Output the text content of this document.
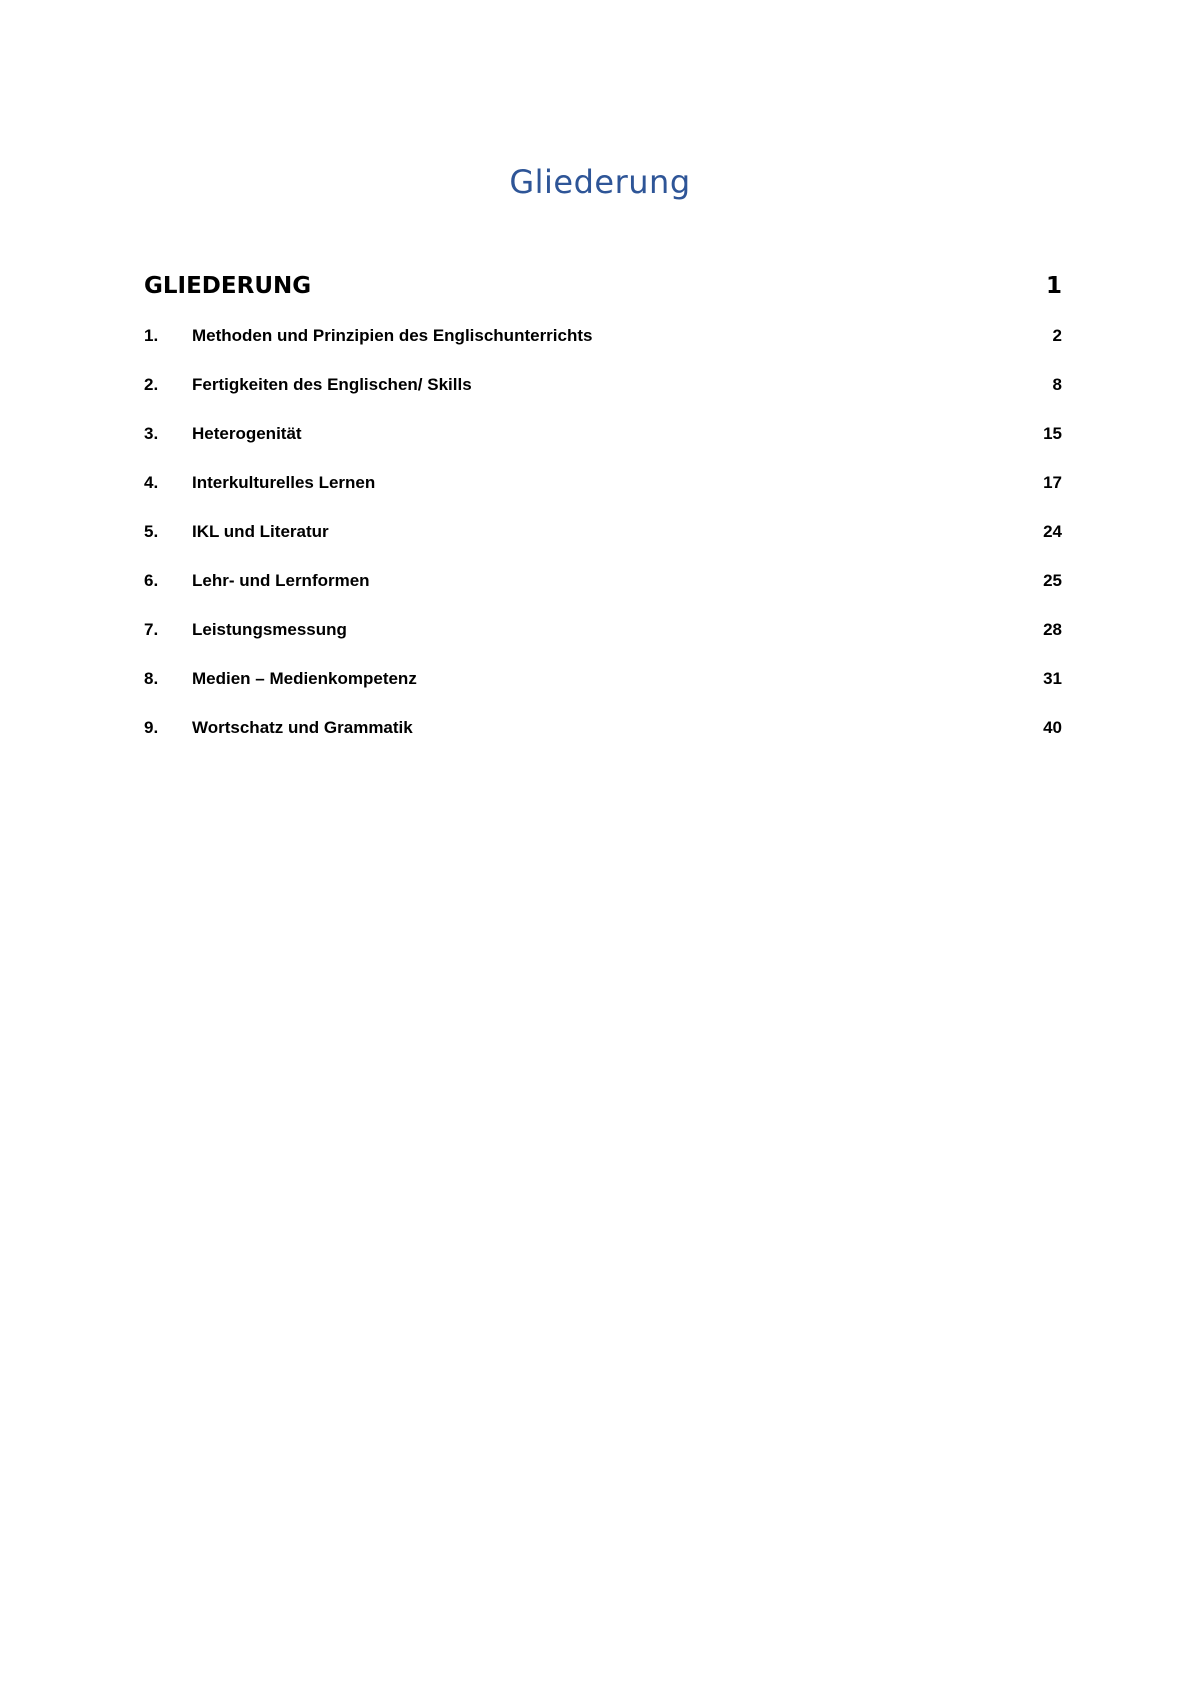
Gliederung
GLIEDERUNG	1
1. Methoden und Prinzipien des Englischunterrichts	2
2. Fertigkeiten des Englischen/ Skills	8
3. Heterogenität	15
4. Interkulturelles Lernen	17
5. IKL und Literatur	24
6. Lehr- und Lernformen	25
7. Leistungsmessung	28
8. Medien – Medienkompetenz	31
9. Wortschatz und Grammatik	40
